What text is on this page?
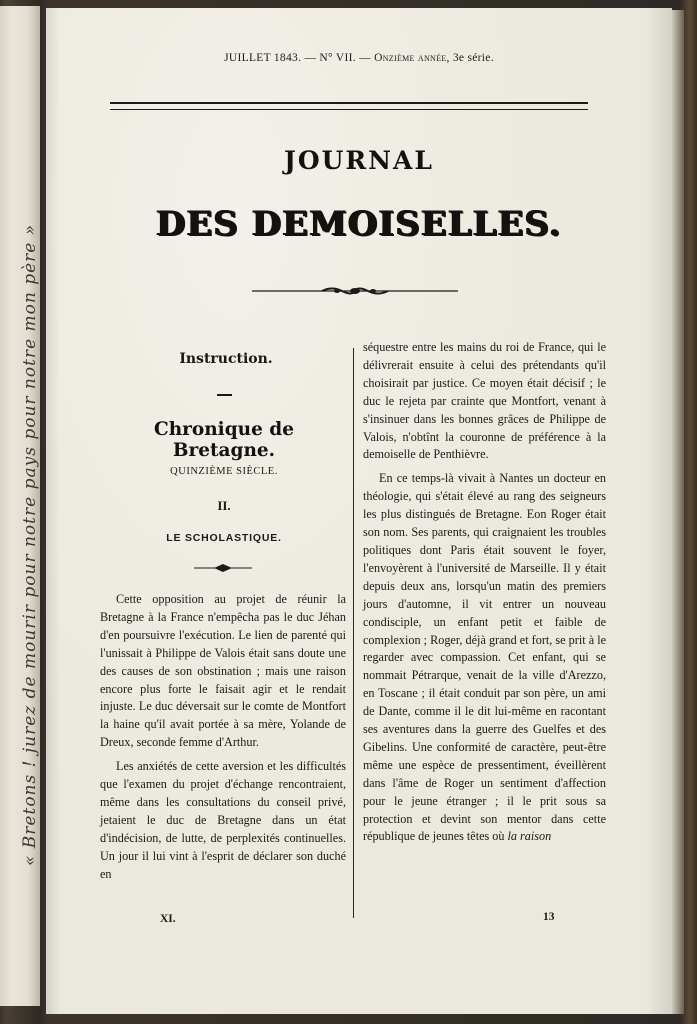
« Bretons ! jurez de mourir pour notre pays pour notre mon père »
JUILLET 1843. — N° VII. — Onzième année, 3e série.
JOURNAL
DES DEMOISELLES.
Instruction.
Chronique de Bretagne.
QUINZIÈME SIÈCLE.
II.
LE SCHOLASTIQUE.

Cette opposition au projet de réunir la Bretagne à la France n'empêcha pas le duc Jéhan d'en poursuivre l'exécution. Le lien de parenté qui l'unissait à Philippe de Valois était sans doute une des causes de son obstination ; mais une raison encore plus forte le faisait agir et le rendait injuste. Le duc déversait sur le comte de Montfort la haine qu'il avait portée à sa mère, Yolande de Dreux, seconde femme d'Arthur.

Les anxiétés de cette aversion et les difficultés que l'examen du projet d'échange rencontraient, même dans les consultations du conseil privé, jetaient le duc de Bretagne dans un état d'indécision, de lutte, de perplexités continuelles. Un jour il lui vint à l'esprit de déclarer son duché en

séquestre entre les mains du roi de France, qui le délivrerait ensuite à celui des prétendants qu'il choisirait par justice. Ce moyen était décisif ; le duc le rejeta par crainte que Montfort, venant à s'insinuer dans les bonnes grâces de Philippe de Valois, n'obtînt la couronne de préférence à la demoiselle de Penthièvre.

En ce temps-là vivait à Nantes un docteur en théologie, qui s'était élevé au rang des seigneurs les plus distingués de Bretagne. Eon Roger était son nom. Ses parents, qui craignaient les troubles politiques dont Paris était souvent le foyer, l'envoyèrent à l'université de Marseille. Il y était depuis deux ans, lorsqu'un matin des premiers jours d'automne, il vit entrer un nouveau condisciple, un enfant petit et faible de complexion ; Roger, déjà grand et fort, se prit à le regarder avec compassion. Cet enfant, qui se nommait Pétrarque, venait de la ville d'Arezzo, en Toscane ; il était conduit par son père, un ami de Dante, comme il le dit lui-même en racontant ses aventures dans la guerre des Guelfes et des Gibelins. Une conformité de caractère, peut-être même une espèce de pressentiment, éveillèrent dans l'âme de Roger un sentiment d'affection pour le jeune étranger ; il le prit sous sa protection et devint son mentor dans cette république de jeunes têtes où la raison

XI.	13
